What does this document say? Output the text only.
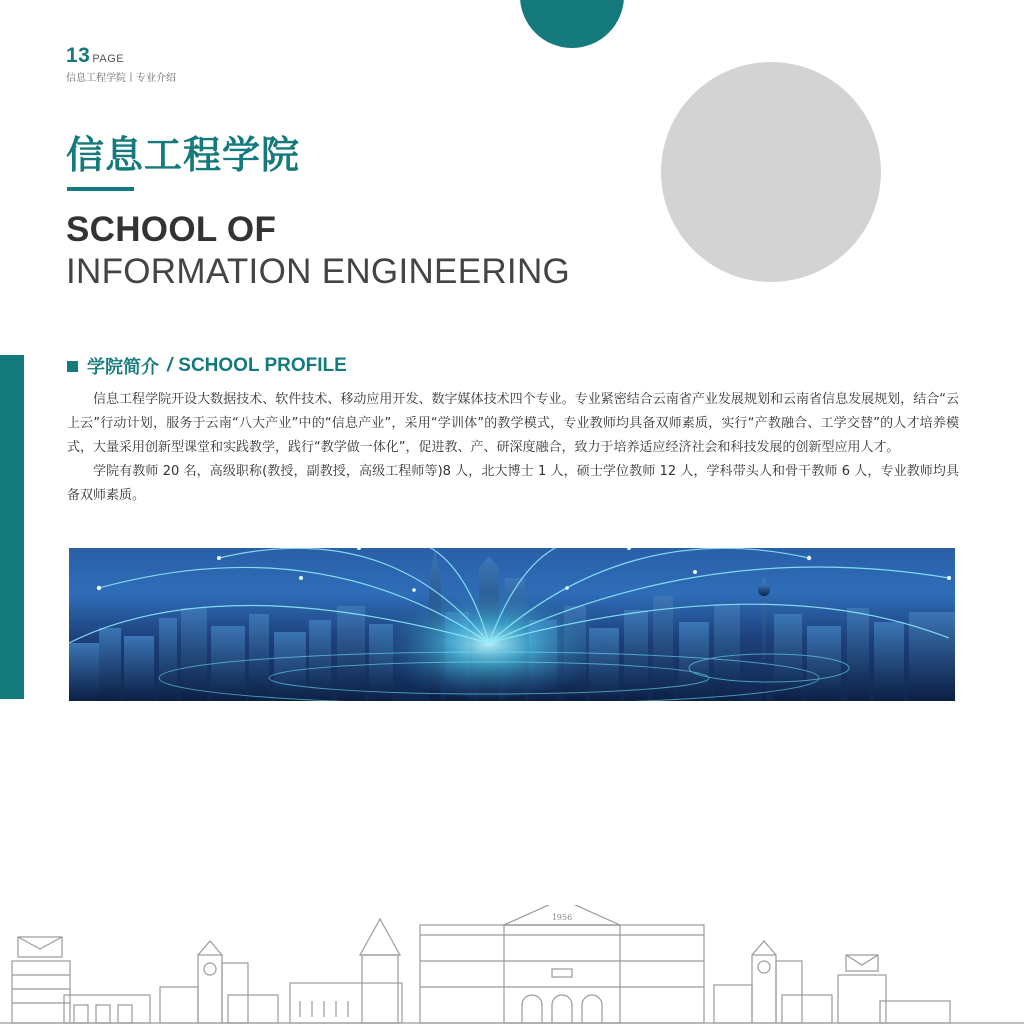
13 PAGE
信息工程学院丨专业介绍
信息工程学院
SCHOOL OF
INFORMATION ENGINEERING
学院简介 / SCHOOL PROFILE

信息工程学院开设大数据技术、软件技术、移动应用开发、数字媒体技术四个专业。专业紧密结合云南省产业发展规划和云南省信息发展规划，结合“云上云”行动计划，服务于云南“八大产业”中的“信息产业”，采用“学训体”的教学模式，专业教师均具备双师素质，实行“产教融合、工学交替”的人才培养模式，大量采用创新型课堂和实践教学，践行“教学做一体化”，促进教、产、研深度融合，致力于培养适应经济社会和科技发展的创新型应用人才。

学院有教师 20 名，高级职称(教授，副教授，高级工程师等)8 人，北大博士 1 人，硕士学位教师 12 人，学科带头人和骨干教师 6 人，专业教师均具备双师素质。

1956
